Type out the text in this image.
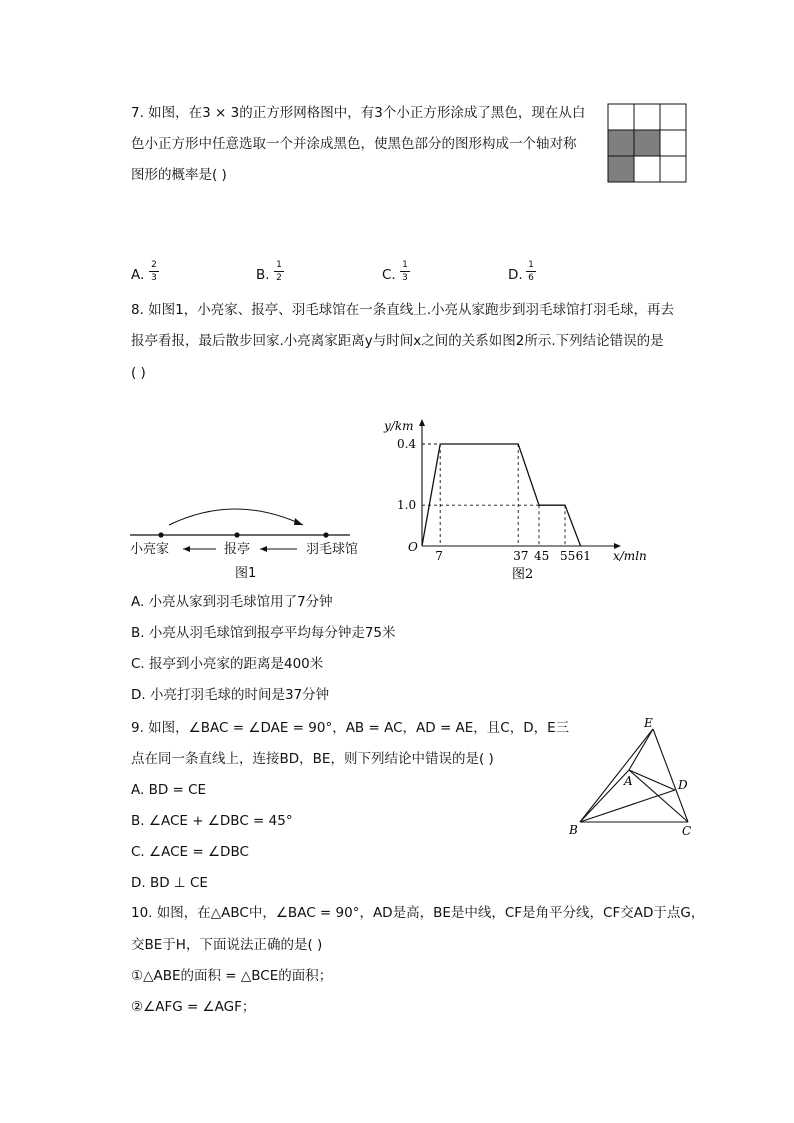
7. 如图，在3 × 3的正方形网格图中，有3个小正方形涂成了黑色，现在从白
色小正方形中任意选取一个并涂成黑色，使黑色部分的图形构成一个轴对称
图形的概率是( )
A.
2
3	B.
1
2	C.
1
3	D.
1
6
8. 如图1，小亮家、报亭、羽毛球馆在一条直线上.小亮从家跑步到羽毛球馆打羽毛球，再去
报亭看报，最后散步回家.小亮离家距离y与时间x之间的关系如图2所示.下列结论错误的是
( )
小亮家	报亭	羽毛球馆
图1
O
y/km
x/mln
图2
1.0
0.4
7	37 45 55 61
A. 小亮从家到羽毛球馆用了7分钟
B. 小亮从羽毛球馆到报亭平均每分钟走75米
C. 报亭到小亮家的距离是400米
D. 小亮打羽毛球的时间是37分钟
9. 如图，∠BAC = ∠DAE = 90°，AB = AC，AD = AE，且C，D，E三
点在同一条直线上，连接BD，BE，则下列结论中错误的是( )
A. BD = CE
B. ∠ACE + ∠DBC = 45°
C. ∠ACE = ∠DBC
D. BD ⊥ CE
E
A	D
B	C
10. 如图，在△ABC中，∠BAC = 90°，AD是高，BE是中线，CF是角平分线，CF交AD于点G，
交BE于H，下面说法正确的是( )
①△ABE的面积 = △BCE的面积；
②∠AFG = ∠AGF；
